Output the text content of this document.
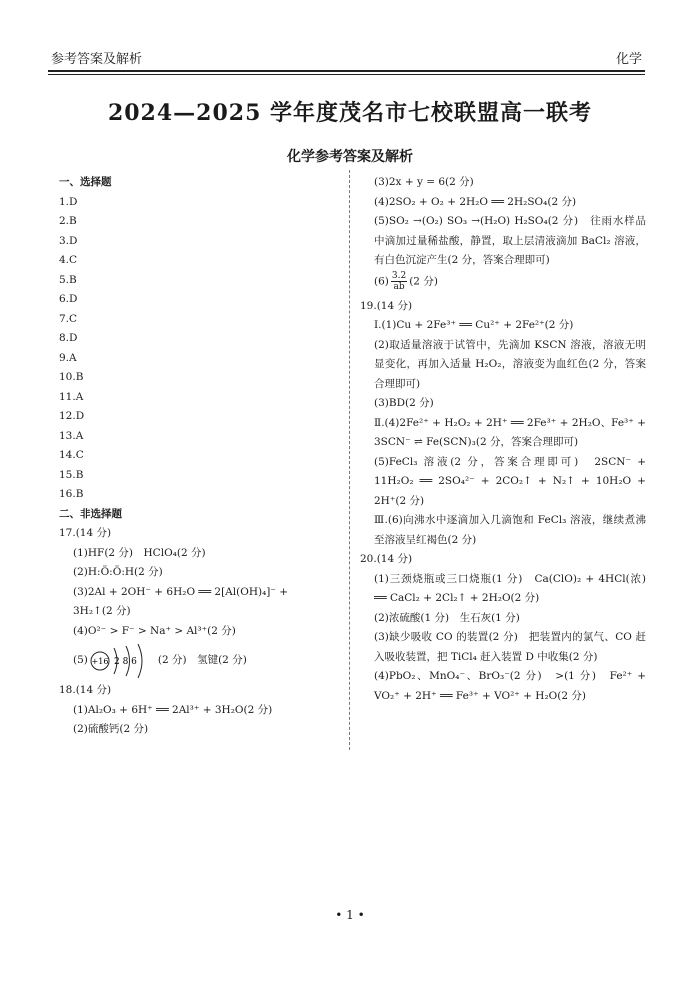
参考答案及解析	化学
2024—2025 学年度茂名市七校联盟高一联考
化学参考答案及解析
一、选择题
1.D
2.B
3.D
4.C
5.B
6.D
7.C
8.D
9.A
10.B
11.A
12.D
13.A
14.C
15.B
16.B
二、非选择题
17.(14 分)
(1)HF(2 分)　HClO₄(2 分)
(2)H:Ö:Ö:H(2 分)
(3)2Al + 2OH⁻ + 6H₂O ══ 2[Al(OH)₄]⁻ +
3H₂↑(2 分)
(4)O²⁻ > F⁻ > Na⁺ > Al³⁺(2 分)
(5) +16 2 8 6 (2 分)　氢键(2 分)
18.(14 分)
(1)Al₂O₃ + 6H⁺ ══ 2Al³⁺ + 3H₂O(2 分)
(2)硫酸钙(2 分)
(3)2x + y = 6(2 分)
(4)2SO₂ + O₂ + 2H₂O ══ 2H₂SO₄(2 分)
(5)SO₂ →(O₂) SO₃ →(H₂O) H₂SO₄(2 分)　往雨水样品中滴加过量稀盐酸，静置，取上层清液滴加 BaCl₂ 溶液，有白色沉淀产生(2 分，答案合理即可)
$(6) \frac{3.2}{ab} (2$ 分)
19.(14 分)
Ⅰ.(1)Cu + 2Fe³⁺ ══ Cu²⁺ + 2Fe²⁺(2 分)
(2)取适量溶液于试管中，先滴加 KSCN 溶液，溶液无明显变化，再加入适量 H₂O₂，溶液变为血红色(2 分，答案合理即可)
(3)BD(2 分)
Ⅱ.(4)2Fe²⁺ + H₂O₂ + 2H⁺ ══ 2Fe³⁺ + 2H₂O、Fe³⁺ + 3SCN⁻ ⇌ Fe(SCN)₃(2 分，答案合理即可)
(5)FeCl₃ 溶液(2 分，答案合理即可)　2SCN⁻ + 11H₂O₂ ══ 2SO₄²⁻ + 2CO₂↑ + N₂↑ + 10H₂O + 2H⁺(2 分)
Ⅲ.(6)向沸水中逐滴加入几滴饱和 FeCl₃ 溶液，继续煮沸至溶液呈红褐色(2 分)
20.(14 分)
(1)三颈烧瓶或三口烧瓶(1 分)　Ca(ClO)₂ + 4HCl(浓) ══ CaCl₂ + 2Cl₂↑ + 2H₂O(2 分)
(2)浓硫酸(1 分)　生石灰(1 分)
(3)缺少吸收 CO 的装置(2 分)　把装置内的氯气、CO 赶入吸收装置，把 TiCl₄ 赶入装置 D 中收集(2 分)
(4)PbO₂、MnO₄⁻、BrO₃⁻(2 分)　>(1 分)　Fe²⁺ + VO₂⁺ + 2H⁺ ══ Fe³⁺ + VO²⁺ + H₂O(2 分)
• 1 •
